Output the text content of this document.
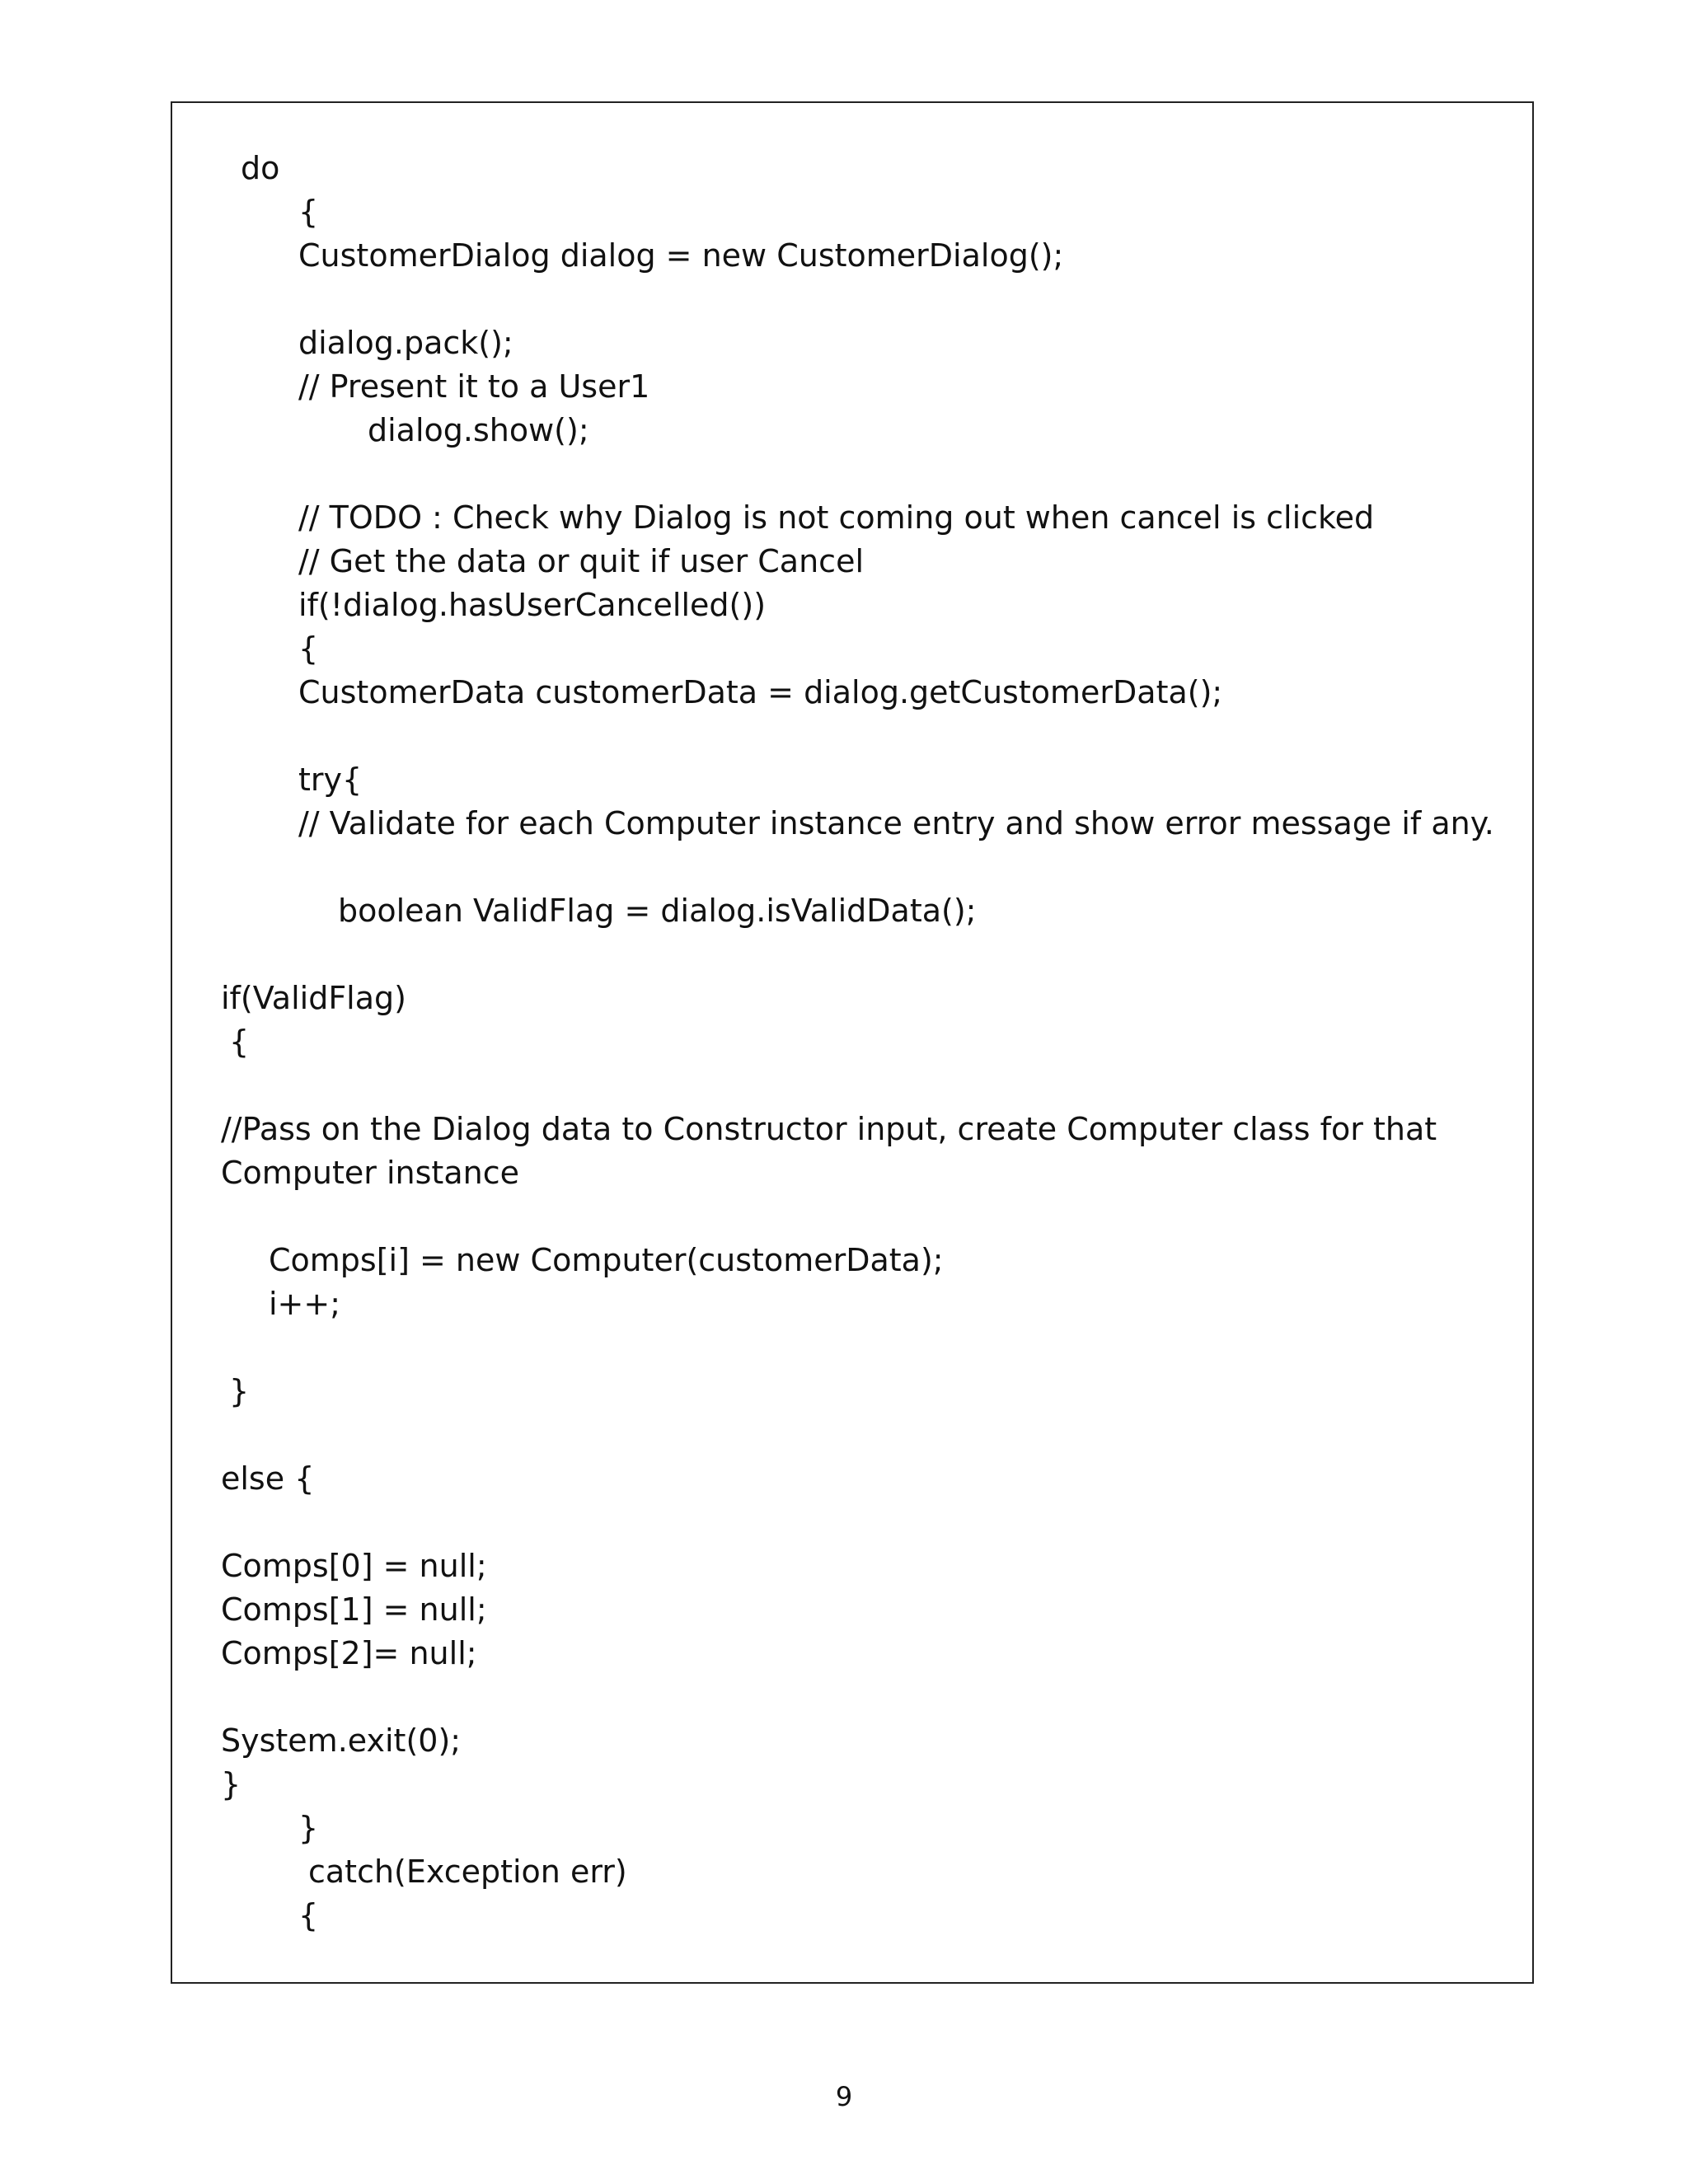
do
{
CustomerDialog dialog = new CustomerDialog();
dialog.pack();
// Present it to a User1
dialog.show();
// TODO : Check why Dialog is not coming out when cancel is clicked
// Get the data or quit if user Cancel
if(!dialog.hasUserCancelled())
{
CustomerData customerData = dialog.getCustomerData();
try{
// Validate for each Computer instance entry and show error message if any.
boolean ValidFlag = dialog.isValidData();
if(ValidFlag)
{
//Pass on the Dialog data to Constructor input, create Computer class for that
Computer instance
Comps[i] = new Computer(customerData);
i++;
}
else {
Comps[0] = null;
Comps[1] = null;
Comps[2]= null;
System.exit(0);
}
}
catch(Exception err)
{
9
